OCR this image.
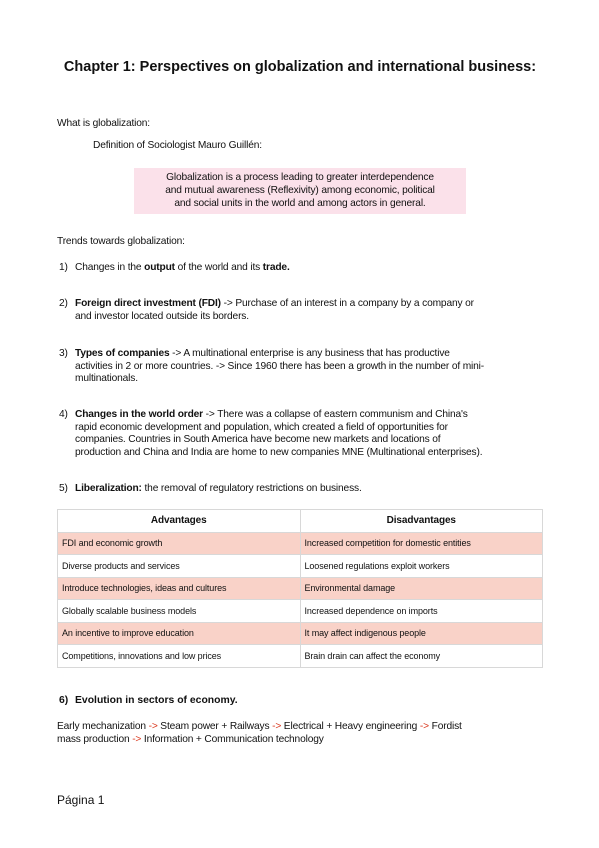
Chapter 1: Perspectives on globalization and international business:
What is globalization:
Definition of Sociologist Mauro Guillén:
Globalization is a process leading to greater interdependence
and mutual awareness (Reflexivity) among economic, political
and social units in the world and among actors in general.
Trends towards globalization:
1) Changes in the output of the world and its trade.
2) Foreign direct investment (FDI) -> Purchase of an interest in a company by a company or
and investor located outside its borders.
3) Types of companies -> A multinational enterprise is any business that has productive
activities in 2 or more countries. -> Since 1960 there has been a growth in the number of mini-
multinationals.
4) Changes in the world order -> There was a collapse of eastern communism and China's
rapid economic development and population, which created a field of opportunities for
companies. Countries in South America have become new markets and locations of
production and China and India are home to new companies MNE (Multinational enterprises).
5) Liberalization: the removal of regulatory restrictions on business.
Advantages	Disadvantages
FDI and economic growth	Increased competition for domestic entities
Diverse products and services	Loosened regulations exploit workers
Introduce technologies, ideas and cultures	Environmental damage
Globally scalable business models	Increased dependence on imports
An incentive to improve education	It may affect indigenous people
Competitions, innovations and low prices	Brain drain can affect the economy
6) Evolution in sectors of economy.
Early mechanization -> Steam power + Railways -> Electrical + Heavy engineering -> Fordist
mass production -> Information + Communication technology
Página 1
